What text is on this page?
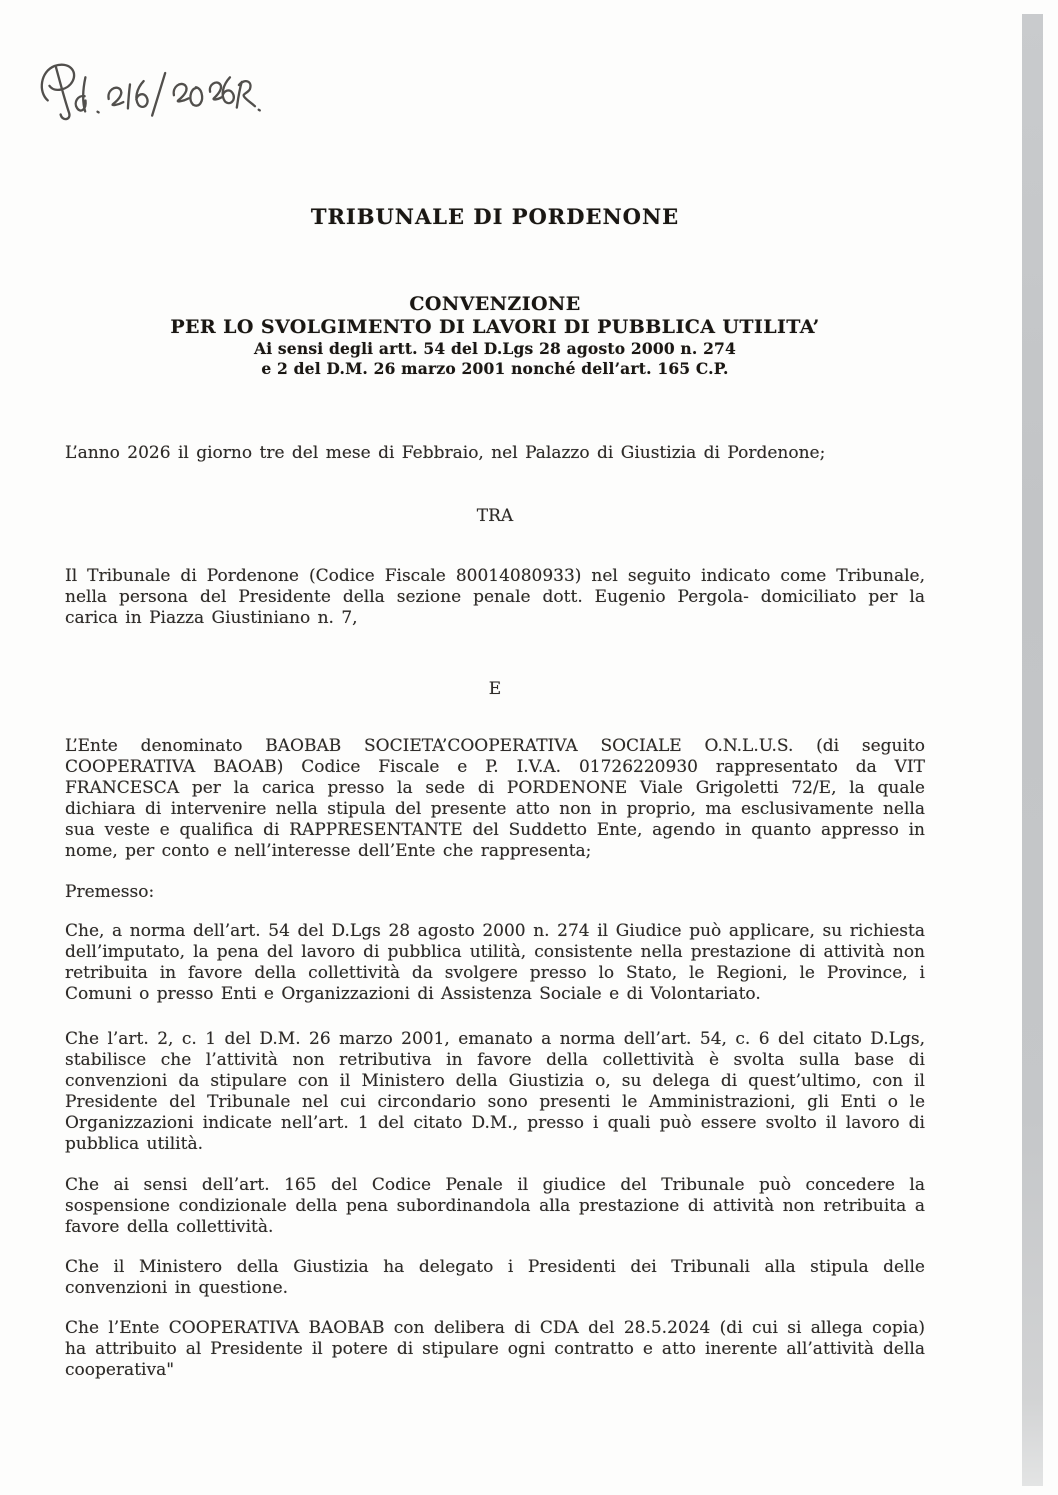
TRIBUNALE DI PORDENONE
CONVENZIONE
PER LO SVOLGIMENTO DI LAVORI DI PUBBLICA UTILITA’
Ai sensi degli artt. 54 del D.Lgs 28 agosto 2000 n. 274
e 2 del D.M. 26 marzo 2001 nonché dell’art. 165 C.P.

L’anno 2026 il giorno tre del mese di Febbraio, nel Palazzo di Giustizia di Pordenone;

TRA

Il Tribunale di Pordenone (Codice Fiscale 80014080933) nel seguito indicato come Tribunale, nella persona del Presidente della sezione penale dott. Eugenio Pergola- domiciliato per la carica in Piazza Giustiniano n. 7,

E

L’Ente denominato BAOBAB SOCIETA’COOPERATIVA SOCIALE O.N.L.U.S. (di seguito COOPERATIVA BAOAB) Codice Fiscale e P. I.V.A. 01726220930 rappresentato da VIT FRANCESCA per la carica presso la sede di PORDENONE Viale Grigoletti 72/E, la quale dichiara di intervenire nella stipula del presente atto non in proprio, ma esclusivamente nella sua veste e qualifica di RAPPRESENTANTE del Suddetto Ente, agendo in quanto appresso in nome, per conto e nell’interesse dell’Ente che rappresenta;

Premesso:

Che, a norma dell’art. 54 del D.Lgs 28 agosto 2000 n. 274 il Giudice può applicare, su richiesta dell’imputato, la pena del lavoro di pubblica utilità, consistente nella prestazione di attività non retribuita in favore della collettività da svolgere presso lo Stato, le Regioni, le Province, i Comuni o presso Enti e Organizzazioni di Assistenza Sociale e di Volontariato.

Che l’art. 2, c. 1 del D.M. 26 marzo 2001, emanato a norma dell’art. 54, c. 6 del citato D.Lgs, stabilisce che l’attività non retributiva in favore della collettività è svolta sulla base di convenzioni da stipulare con il Ministero della Giustizia o, su delega di quest’ultimo, con il Presidente del Tribunale nel cui circondario sono presenti le Amministrazioni, gli Enti o le Organizzazioni indicate nell’art. 1 del citato D.M., presso i quali può essere svolto il lavoro di pubblica utilità.

Che ai sensi dell’art. 165 del Codice Penale il giudice del Tribunale può concedere la sospensione condizionale della pena subordinandola alla prestazione di attività non retribuita a favore della collettività.

Che il Ministero della Giustizia ha delegato i Presidenti dei Tribunali alla stipula delle convenzioni in questione.

Che l’Ente COOPERATIVA BAOBAB con delibera di CDA del 28.5.2024 (di cui si allega copia) ha attribuito al Presidente il potere di stipulare ogni contratto e atto inerente all’attività della cooperativa"
